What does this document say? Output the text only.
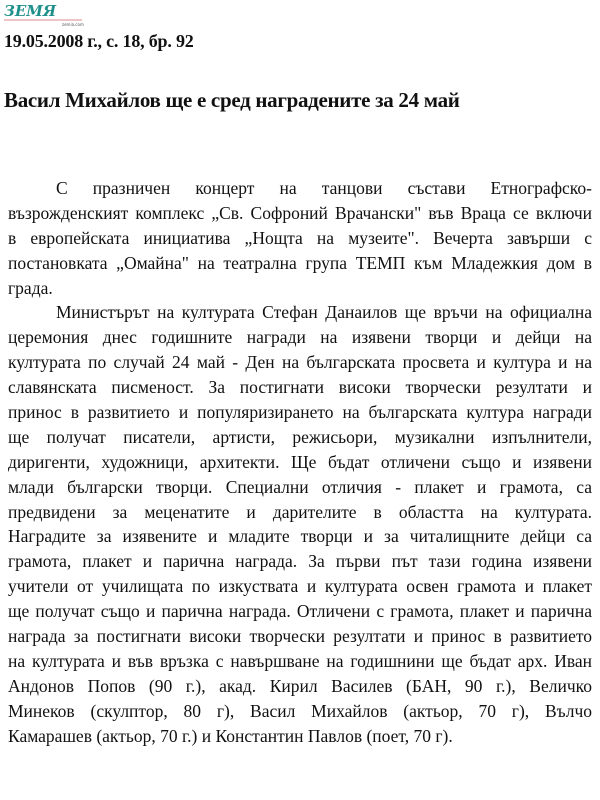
ЗЕМЯ
zemia.com
19.05.2008 г., с. 18, бр. 92
Васил Михайлов ще е сред наградените за 24 май
С празничен концерт на танцови състави Етнографско-
възрожденският комплекс „Св. Софроний Врачански" във Враца се включи
в европейската инициатива „Нощта на музеите". Вечерта завърши с
постановката „Омайна" на театрална група ТЕМП към Младежкия дом в
града.
Министърът на културата Стефан Данаилов ще връчи на официална
церемония днес годишните награди на изявени творци и дейци на
културата по случай 24 май - Ден на българската просвета и култура и на
славянската писменост. За постигнати високи творчески резултати и
принос в развитието и популяризирането на българската култура награди
ще получат писатели, артисти, режисьори, музикални изпълнители,
диригенти, художници, архитекти. Ще бъдат отличени също и изявени
млади български творци. Специални отличия - плакет и грамота, са
предвидени за меценатите и дарителите в областта на културата.
Наградите за изявените и младите творци и за читалищните дейци са
грамота, плакет и парична награда. За първи път тази година изявени
учители от училищата по изкуствата и културата освен грамота и плакет
ще получат също и парична награда. Отличени с грамота, плакет и парична
награда за постигнати високи творчески резултати и принос в развитието
на културата и във връзка с навършване на годишнини ще бъдат арх. Иван
Андонов Попов (90 г.), акад. Кирил Василев (БАН, 90 г.), Величко
Минеков (скулптор, 80 г), Васил Михайлов (актьор, 70 г), Вълчо
Камарашев (актьор, 70 г.) и Константин Павлов (поет, 70 г).
